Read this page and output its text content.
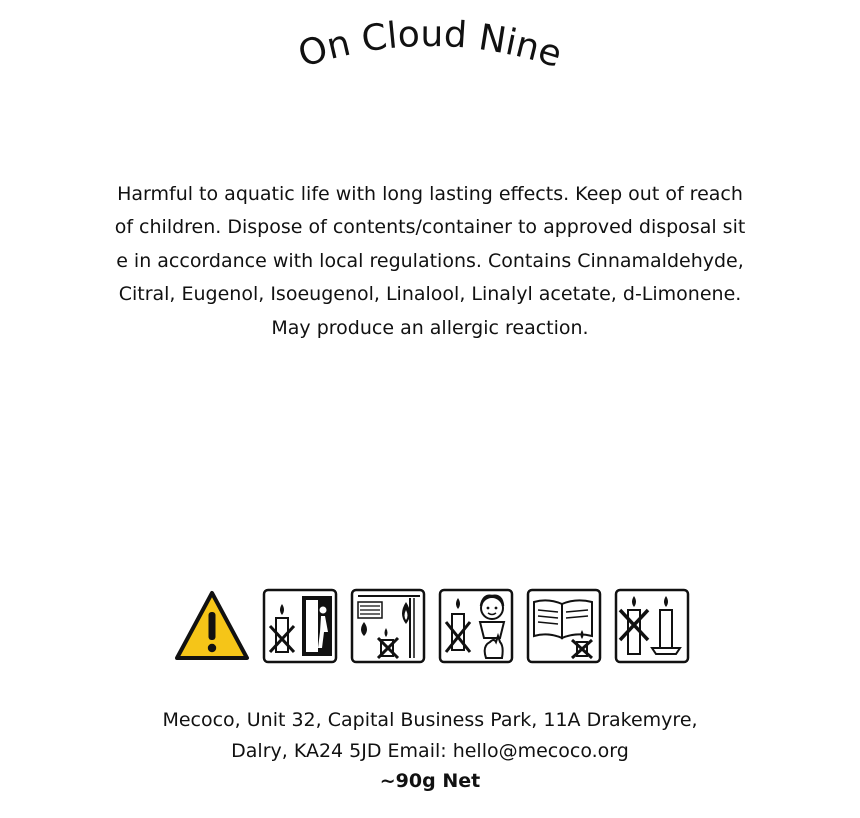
On Cloud Nine
Harmful to aquatic life with long lasting effects. Keep out of reach of children. Dispose of contents/container to approved disposal site in accordance with local regulations. Contains Cinnamaldehyde, Citral, Eugenol, Isoeugenol, Linalool, Linalyl acetate, d-Limonene. May produce an allergic reaction.
Mecoco, Unit 32, Capital Business Park, 11A Drakemyre,
Dalry, KA24 5JD Email: hello@mecoco.org
~90g Net
